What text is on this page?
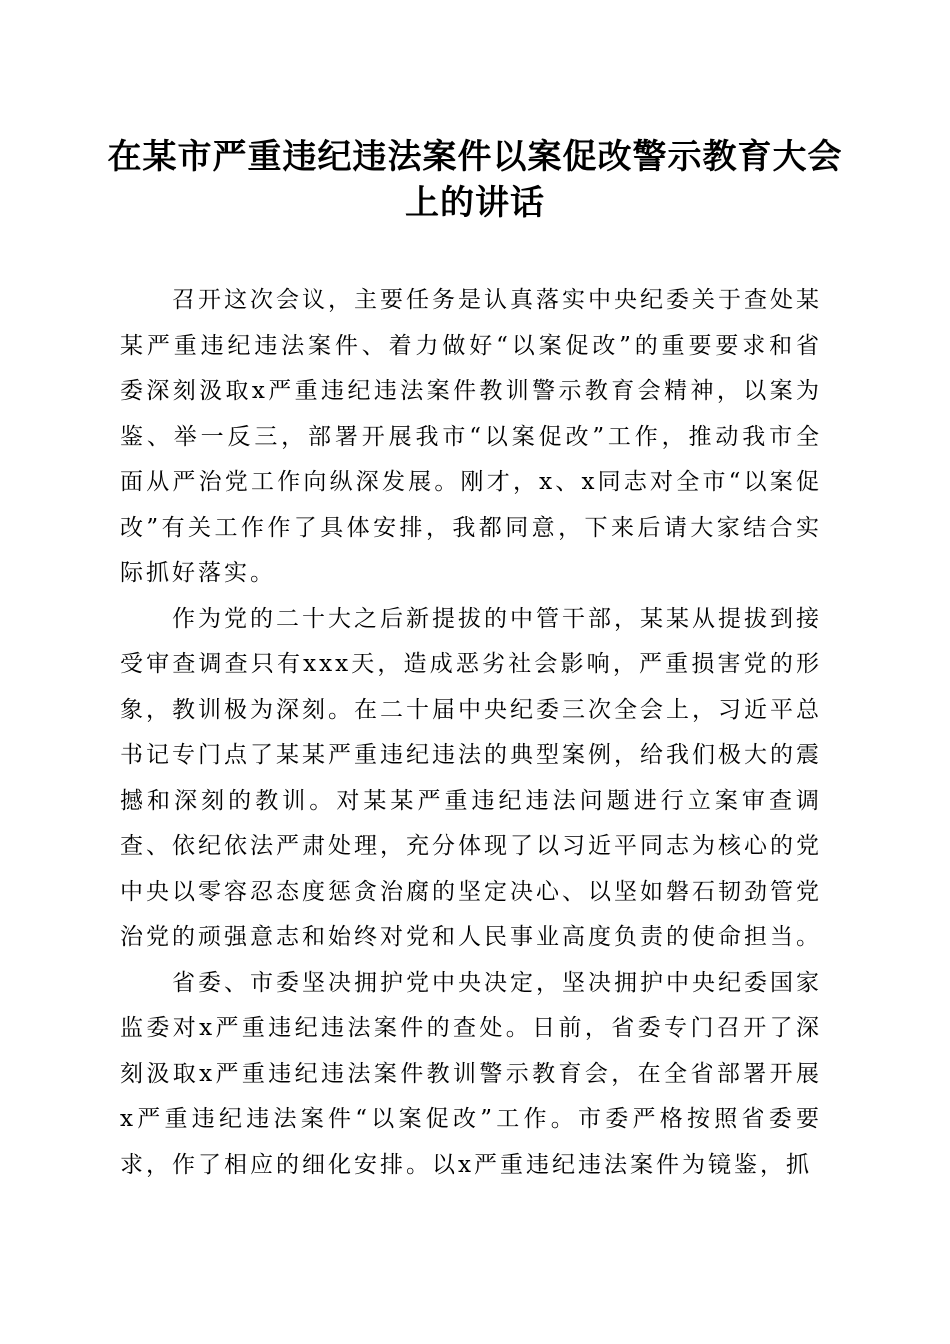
在某市严重违纪违法案件以案促改警示教育大会上的讲话

召开这次会议，主要任务是认真落实中央纪委关于查处某某严重违纪违法案件、着力做好“以案促改”的重要要求和省委深刻汲取x严重违纪违法案件教训警示教育会精神，以案为鉴、举一反三，部署开展我市“以案促改”工作，推动我市全面从严治党工作向纵深发展。刚才，x、x同志对全市“以案促改”有关工作作了具体安排，我都同意，下来后请大家结合实际抓好落实。

作为党的二十大之后新提拔的中管干部，某某从提拔到接受审查调查只有xxx天，造成恶劣社会影响，严重损害党的形象，教训极为深刻。在二十届中央纪委三次全会上，习近平总书记专门点了某某严重违纪违法的典型案例，给我们极大的震撼和深刻的教训。对某某严重违纪违法问题进行立案审查调查、依纪依法严肃处理，充分体现了以习近平同志为核心的党中央以零容忍态度惩贪治腐的坚定决心、以坚如磐石韧劲管党治党的顽强意志和始终对党和人民事业高度负责的使命担当。

省委、市委坚决拥护党中央决定，坚决拥护中央纪委国家监委对x严重违纪违法案件的查处。日前，省委专门召开了深刻汲取x严重违纪违法案件教训警示教育会，在全省部署开展x严重违纪违法案件“以案促改”工作。市委严格按照省委要求，作了相应的细化安排。以x严重违纪违法案件为镜鉴，抓
